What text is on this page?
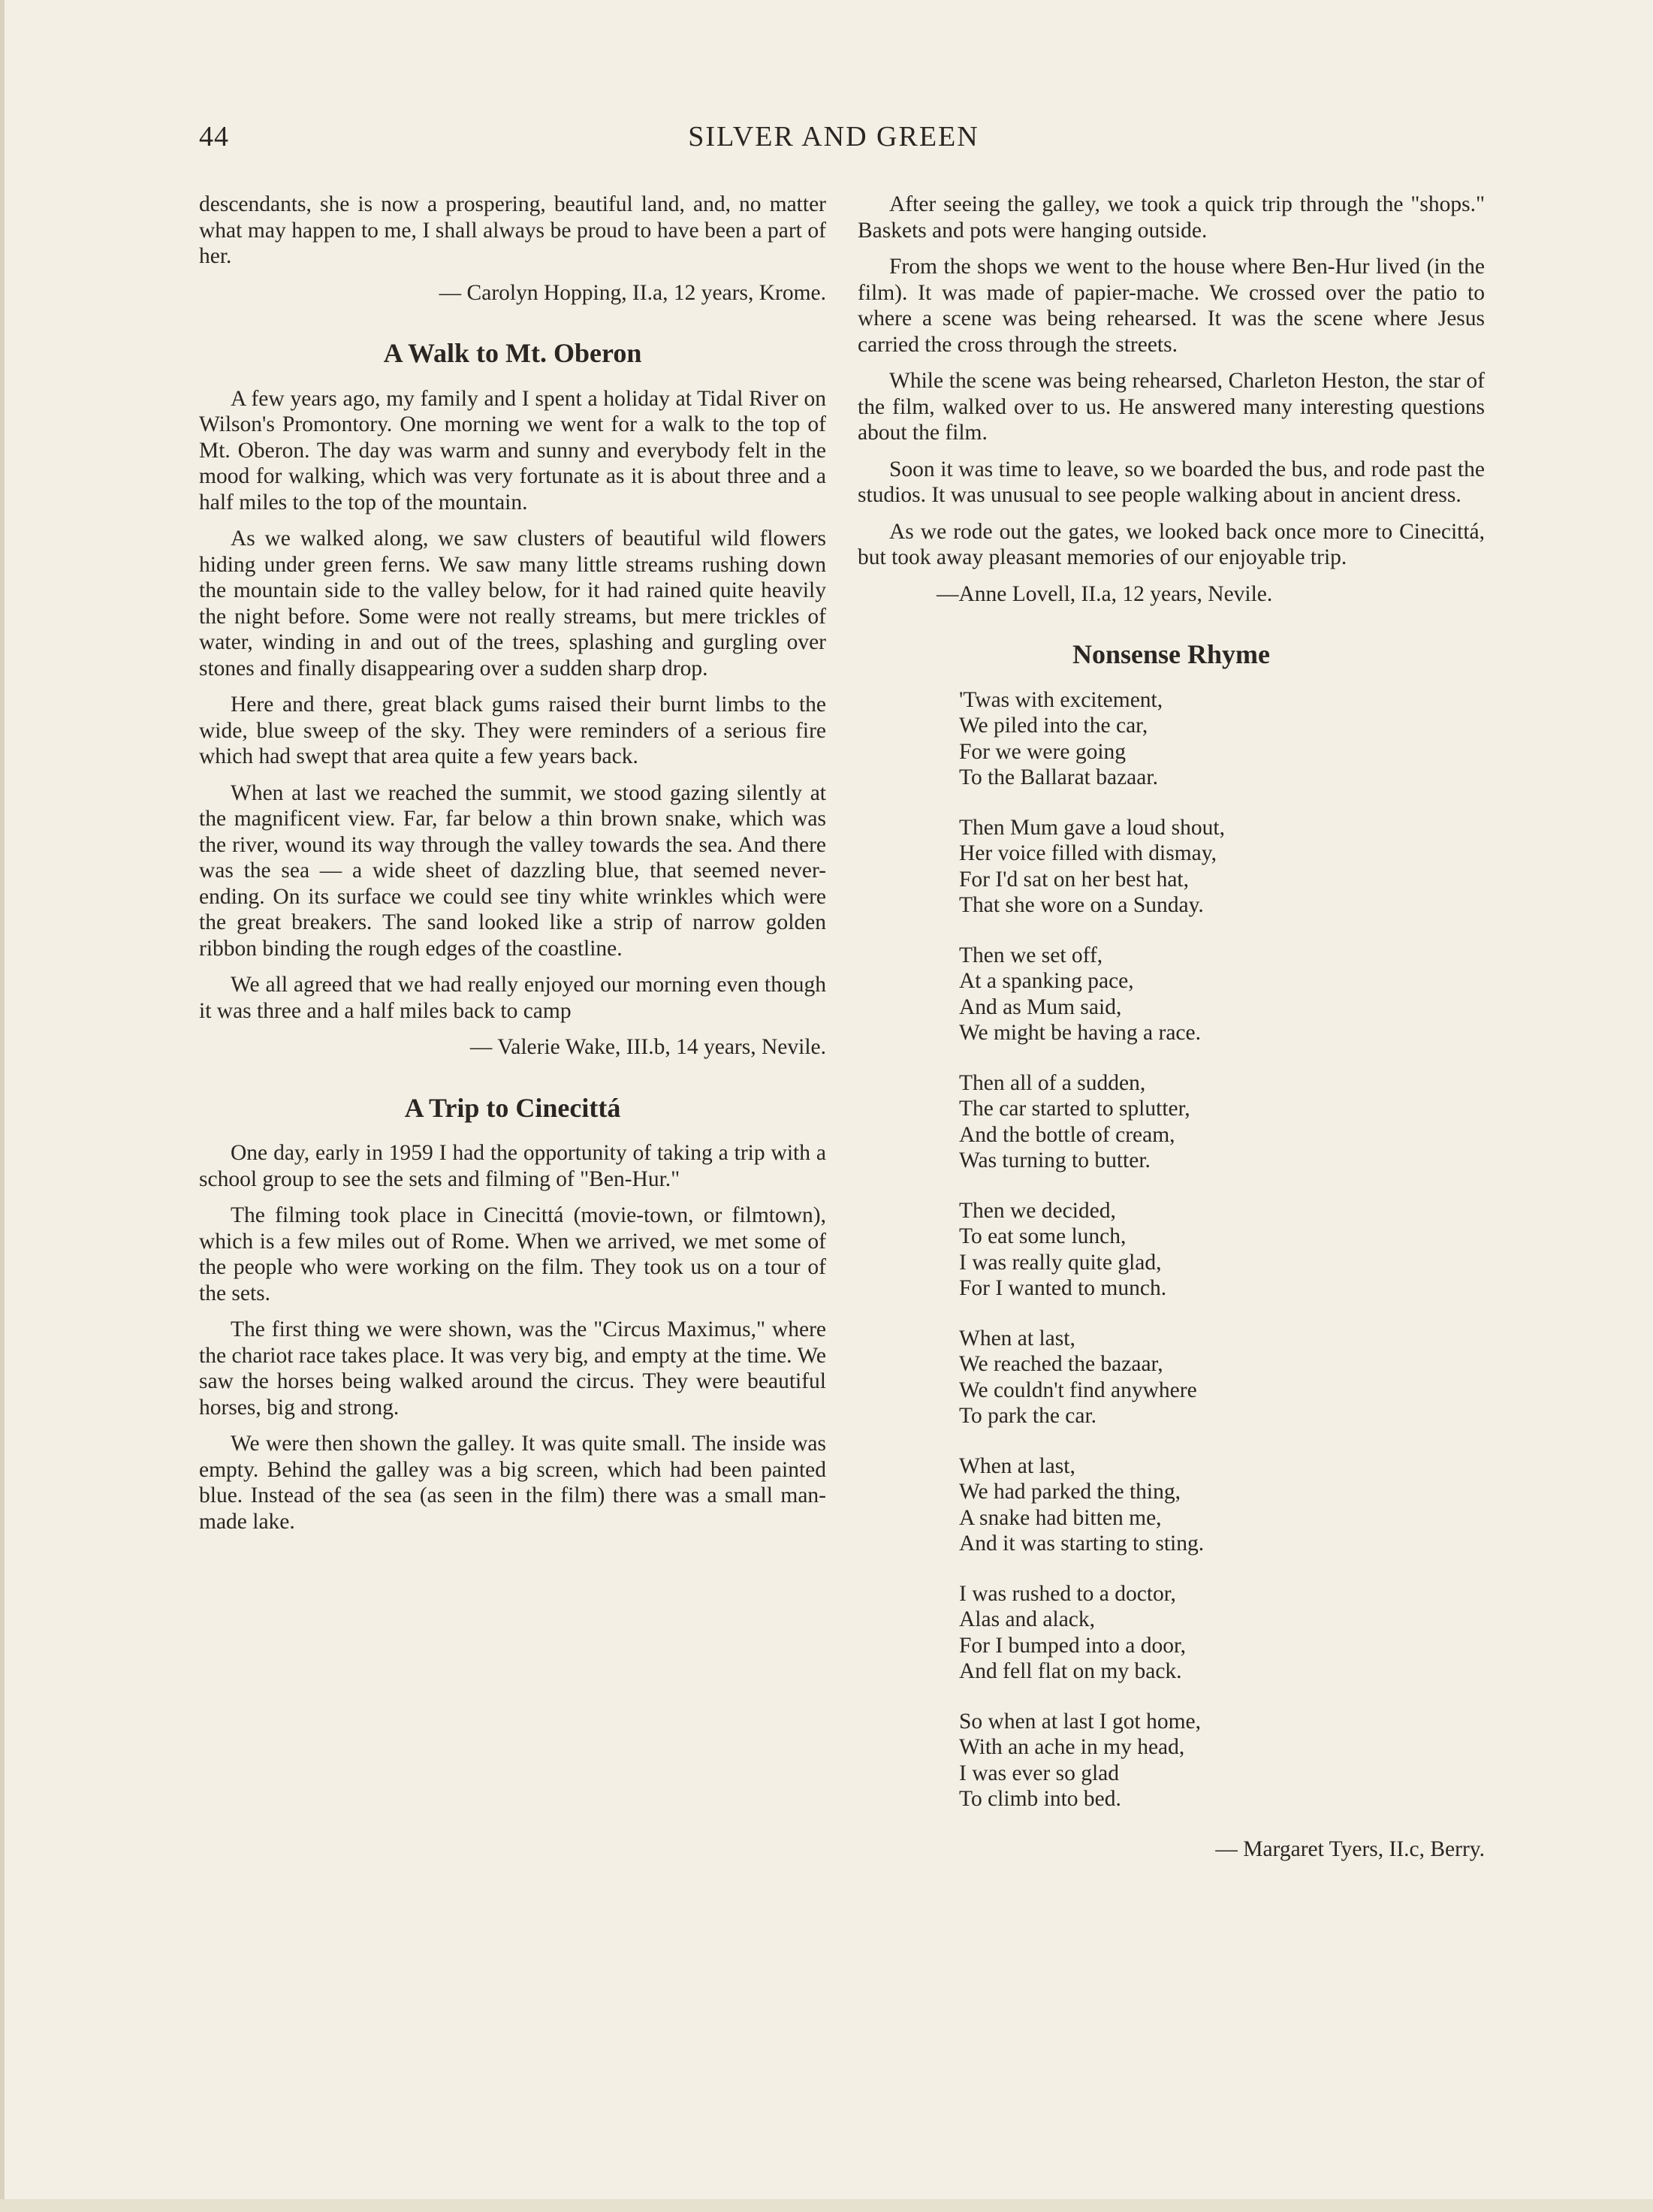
44	SILVER AND GREEN

descendants, she is now a prospering, beautiful land, and, no matter what may happen to me, I shall always be proud to have been a part of her.

— Carolyn Hopping, II.a, 12 years, Krome.
A Walk to Mt. Oberon

A few years ago, my family and I spent a holiday at Tidal River on Wilson's Promontory. One morning we went for a walk to the top of Mt. Oberon. The day was warm and sunny and everybody felt in the mood for walking, which was very fortunate as it is about three and a half miles to the top of the mountain.

As we walked along, we saw clusters of beautiful wild flowers hiding under green ferns. We saw many little streams rushing down the mountain side to the valley below, for it had rained quite heavily the night before. Some were not really streams, but mere trickles of water, winding in and out of the trees, splashing and gurgling over stones and finally disappearing over a sudden sharp drop.

Here and there, great black gums raised their burnt limbs to the wide, blue sweep of the sky. They were reminders of a serious fire which had swept that area quite a few years back.

When at last we reached the summit, we stood gazing silently at the magnificent view. Far, far below a thin brown snake, which was the river, wound its way through the valley towards the sea. And there was the sea — a wide sheet of dazzling blue, that seemed never-ending. On its surface we could see tiny white wrinkles which were the great breakers. The sand looked like a strip of narrow golden ribbon binding the rough edges of the coastline.

We all agreed that we had really enjoyed our morning even though it was three and a half miles back to camp

— Valerie Wake, III.b, 14 years, Nevile.
A Trip to Cinecittá

One day, early in 1959 I had the opportunity of taking a trip with a school group to see the sets and filming of "Ben-Hur."

The filming took place in Cinecittá (movie-town, or filmtown), which is a few miles out of Rome. When we arrived, we met some of the people who were working on the film. They took us on a tour of the sets.

The first thing we were shown, was the "Circus Maximus," where the chariot race takes place. It was very big, and empty at the time. We saw the horses being walked around the circus. They were beautiful horses, big and strong.

We were then shown the galley. It was quite small. The inside was empty. Behind the galley was a big screen, which had been painted blue. Instead of the sea (as seen in the film) there was a small man-made lake.

After seeing the galley, we took a quick trip through the "shops." Baskets and pots were hanging outside.

From the shops we went to the house where Ben-Hur lived (in the film). It was made of papier-mache. We crossed over the patio to where a scene was being rehearsed. It was the scene where Jesus carried the cross through the streets.

While the scene was being rehearsed, Charleton Heston, the star of the film, walked over to us. He answered many interesting questions about the film.

Soon it was time to leave, so we boarded the bus, and rode past the studios. It was unusual to see people walking about in ancient dress.

As we rode out the gates, we looked back once more to Cinecittá, but took away pleasant memories of our enjoyable trip.

—Anne Lovell, II.a, 12 years, Nevile.
Nonsense Rhyme
'Twas with excitement,
We piled into the car,
For we were going
To the Ballarat bazaar.
Then Mum gave a loud shout,
Her voice filled with dismay,
For I'd sat on her best hat,
That she wore on a Sunday.
Then we set off,
At a spanking pace,
And as Mum said,
We might be having a race.
Then all of a sudden,
The car started to splutter,
And the bottle of cream,
Was turning to butter.
Then we decided,
To eat some lunch,
I was really quite glad,
For I wanted to munch.
When at last,
We reached the bazaar,
We couldn't find anywhere
To park the car.
When at last,
We had parked the thing,
A snake had bitten me,
And it was starting to sting.
I was rushed to a doctor,
Alas and alack,
For I bumped into a door,
And fell flat on my back.
So when at last I got home,
With an ache in my head,
I was ever so glad
To climb into bed.
— Margaret Tyers, II.c, Berry.
